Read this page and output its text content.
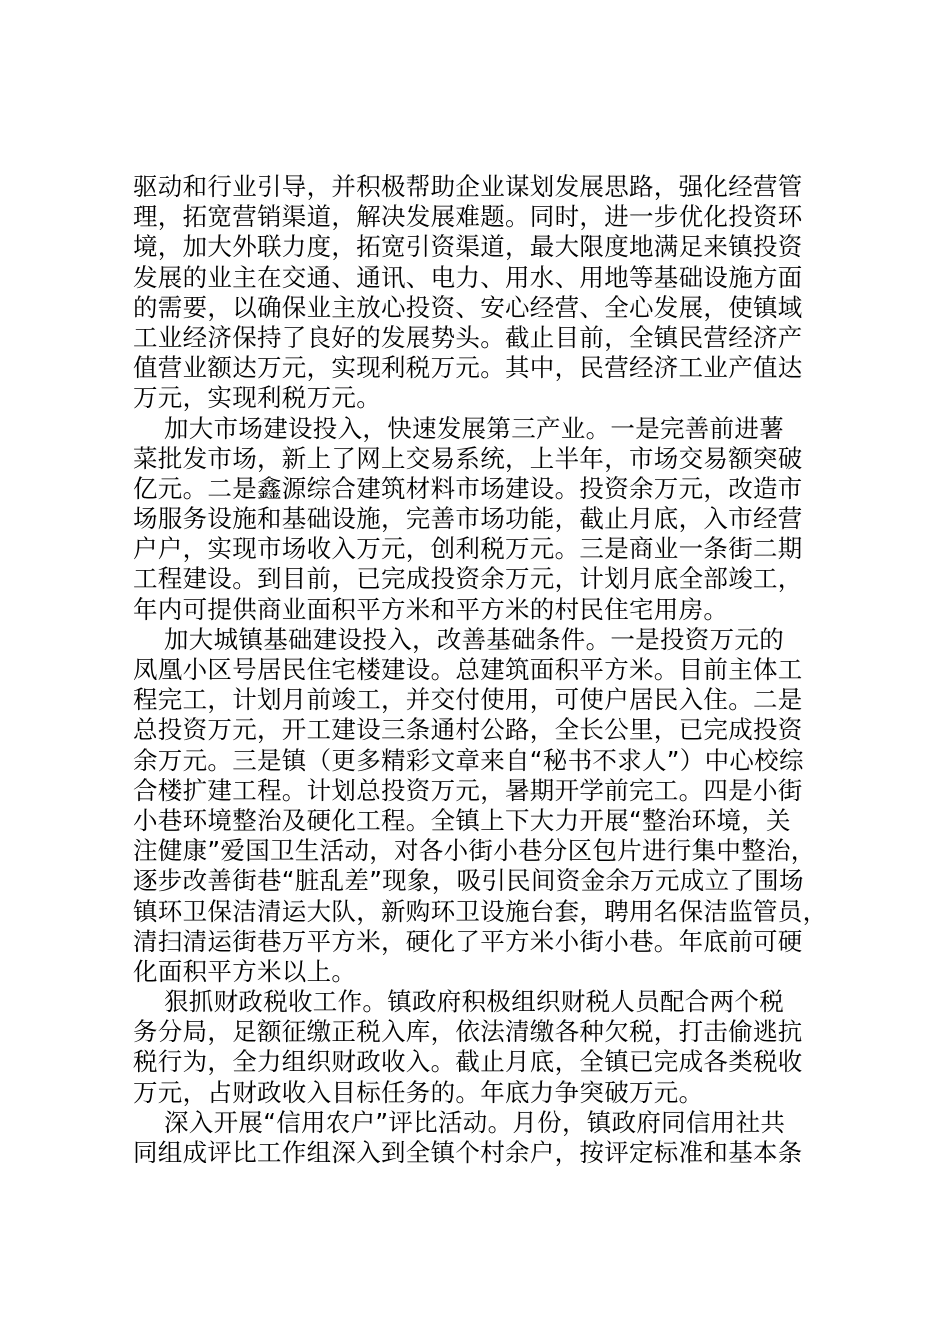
驱动和行业引导，并积极帮助企业谋划发展思路，强化经营管
理，拓宽营销渠道，解决发展难题。同时，进一步优化投资环
境，加大外联力度，拓宽引资渠道，最大限度地满足来镇投资
发展的业主在交通、通讯、电力、用水、用地等基础设施方面
的需要，以确保业主放心投资、安心经营、全心发展，使镇域
工业经济保持了良好的发展势头。截止目前，全镇民营经济产
值营业额达万元，实现利税万元。其中，民营经济工业产值达
万元，实现利税万元。
加大市场建设投入，快速发展第三产业。一是完善前进薯
菜批发市场，新上了网上交易系统，上半年，市场交易额突破
亿元。二是鑫源综合建筑材料市场建设。投资余万元，改造市
场服务设施和基础设施，完善市场功能，截止月底，入市经营
户户，实现市场收入万元，创利税万元。三是商业一条街二期
工程建设。到目前，已完成投资余万元，计划月底全部竣工，
年内可提供商业面积平方米和平方米的村民住宅用房。
加大城镇基础建设投入，改善基础条件。一是投资万元的
凤凰小区号居民住宅楼建设。总建筑面积平方米。目前主体工
程完工，计划月前竣工，并交付使用，可使户居民入住。二是
总投资万元，开工建设三条通村公路，全长公里，已完成投资
余万元。三是镇（更多精彩文章来自“秘书不求人”）中心校综
合楼扩建工程。计划总投资万元，暑期开学前完工。四是小街
小巷环境整治及硬化工程。全镇上下大力开展“整治环境，关
注健康”爱国卫生活动，对各小街小巷分区包片进行集中整治，
逐步改善街巷“脏乱差”现象，吸引民间资金余万元成立了围场
镇环卫保洁清运大队，新购环卫设施台套，聘用名保洁监管员，
清扫清运街巷万平方米，硬化了平方米小街小巷。年底前可硬
化面积平方米以上。
狠抓财政税收工作。镇政府积极组织财税人员配合两个税
务分局，足额征缴正税入库，依法清缴各种欠税，打击偷逃抗
税行为，全力组织财政收入。截止月底，全镇已完成各类税收
万元，占财政收入目标任务的。年底力争突破万元。
深入开展“信用农户”评比活动。月份，镇政府同信用社共
同组成评比工作组深入到全镇个村余户，按评定标准和基本条
